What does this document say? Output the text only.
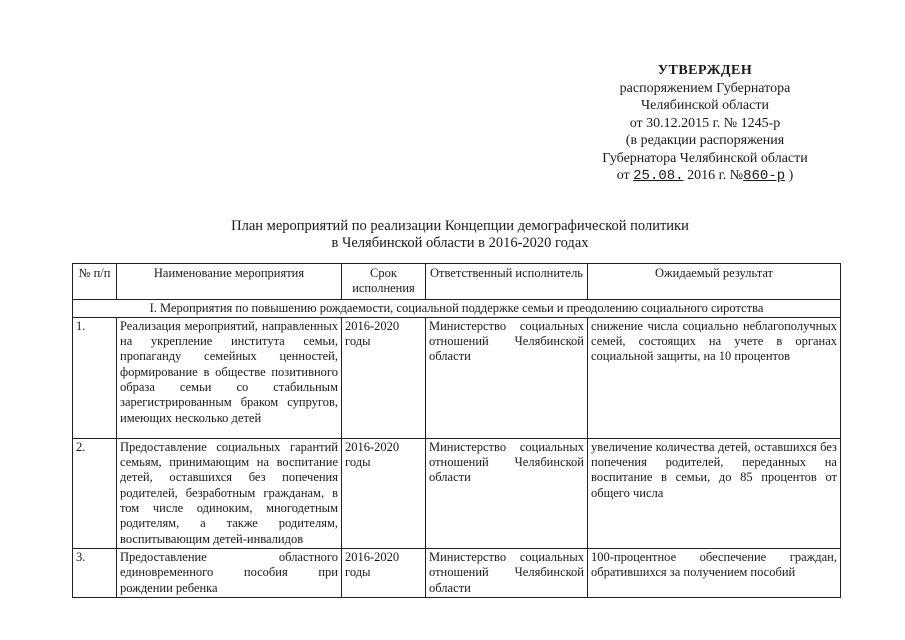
УТВЕРЖДЕН
распоряжением Губернатора
Челябинской области
от 30.12.2015 г. № 1245-р
(в редакции распоряжения
Губернатора Челябинской области
от 25.08. 2016 г. №860-р )
План мероприятий по реализации Концепции демографической политики
в Челябинской области в 2016-2020 годах
№ п/п	Наименование мероприятия	Срок исполнения	Ответственный исполнитель	Ожидаемый результат
I. Мероприятия по повышению рождаемости, социальной поддержке семьи и преодолению социального сиротства				
1.	Реализация мероприятий, направленных на укрепление института семьи, пропаганду семейных ценностей, формирование в обществе позитивного образа семьи со стабильным зарегистрированным браком супругов, имеющих несколько детей	2016-2020 годы	Министерство социальных отношений Челябинской области	снижение числа социально неблагополучных семей, состоящих на учете в органах социальной защиты, на 10 процентов
2.	Предоставление социальных гарантий семьям, принимающим на воспитание детей, оставшихся без попечения родителей, безработным гражданам, в том числе одиноким, многодетным родителям, а также родителям, воспитывающим детей-инвалидов	2016-2020 годы	Министерство социальных отношений Челябинской области	увеличение количества детей, оставшихся без попечения родителей, переданных на воспитание в семьи, до 85 процентов от общего числа
3.	Предоставление областного единовременного пособия при рождении ребенка	2016-2020 годы	Министерство социальных отношений Челябинской области	100-процентное обеспечение граждан, обратившихся за получением пособий
